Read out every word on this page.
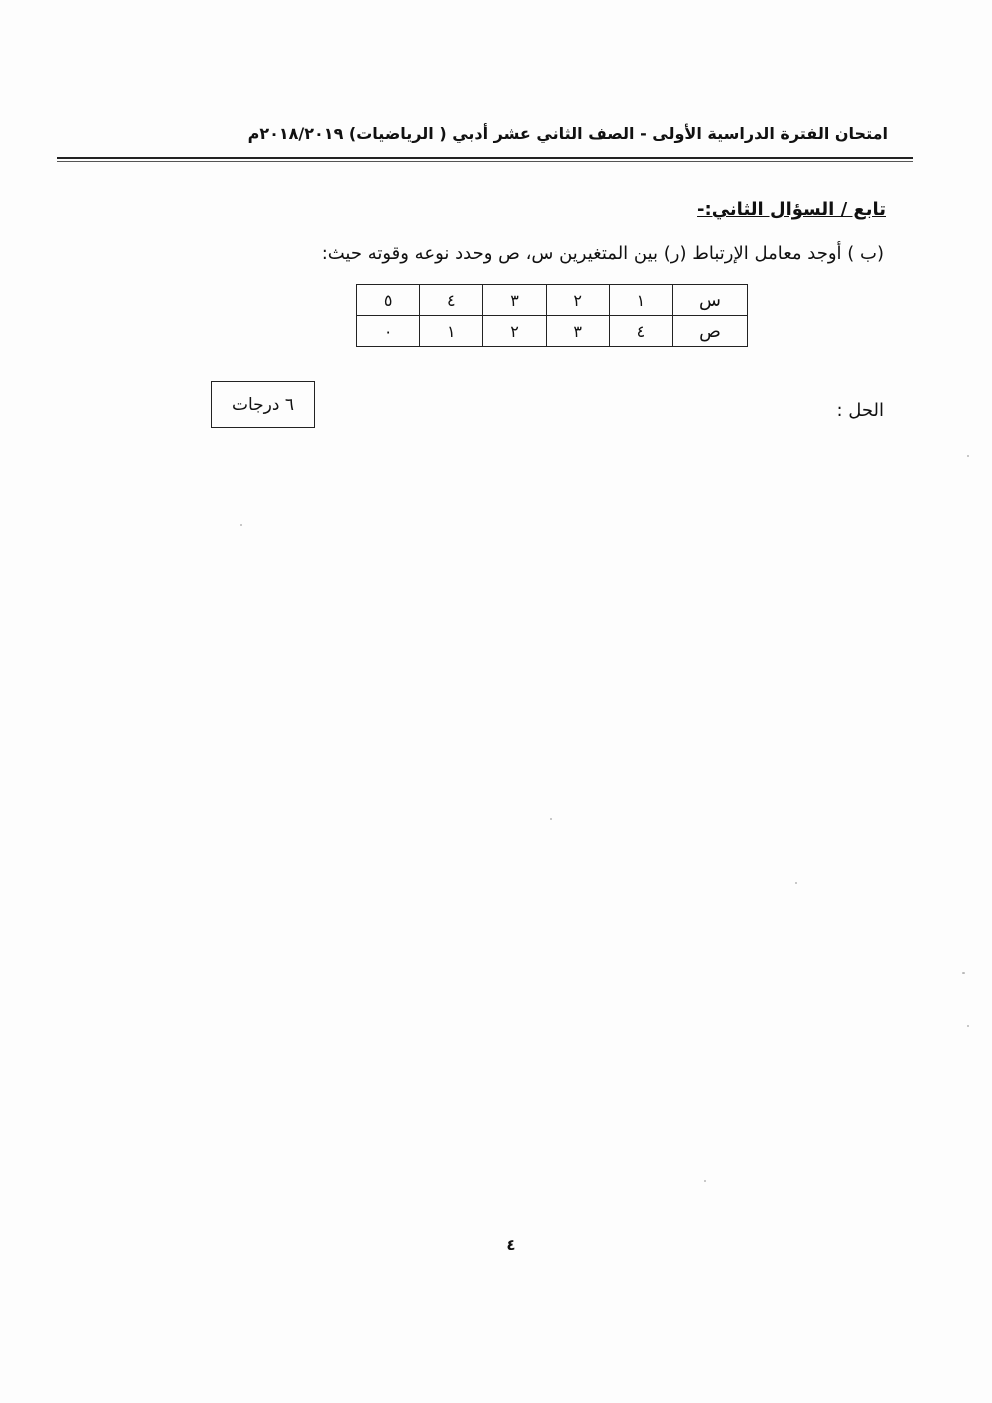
امتحان الفترة الدراسية الأولى - الصف الثاني عشر أدبي ( الرياضيات) ٢٠١٨/٢٠١٩م
تابع / السؤال الثاني:-
(ب ) أوجد معامل الإرتباط (ر) بين المتغيرين س، ص وحدد نوعه وقوته حيث:
س	١	٢	٣	٤	٥
ص	٤	٣	٢	١	٠
الحل :
٦ درجات
٤
